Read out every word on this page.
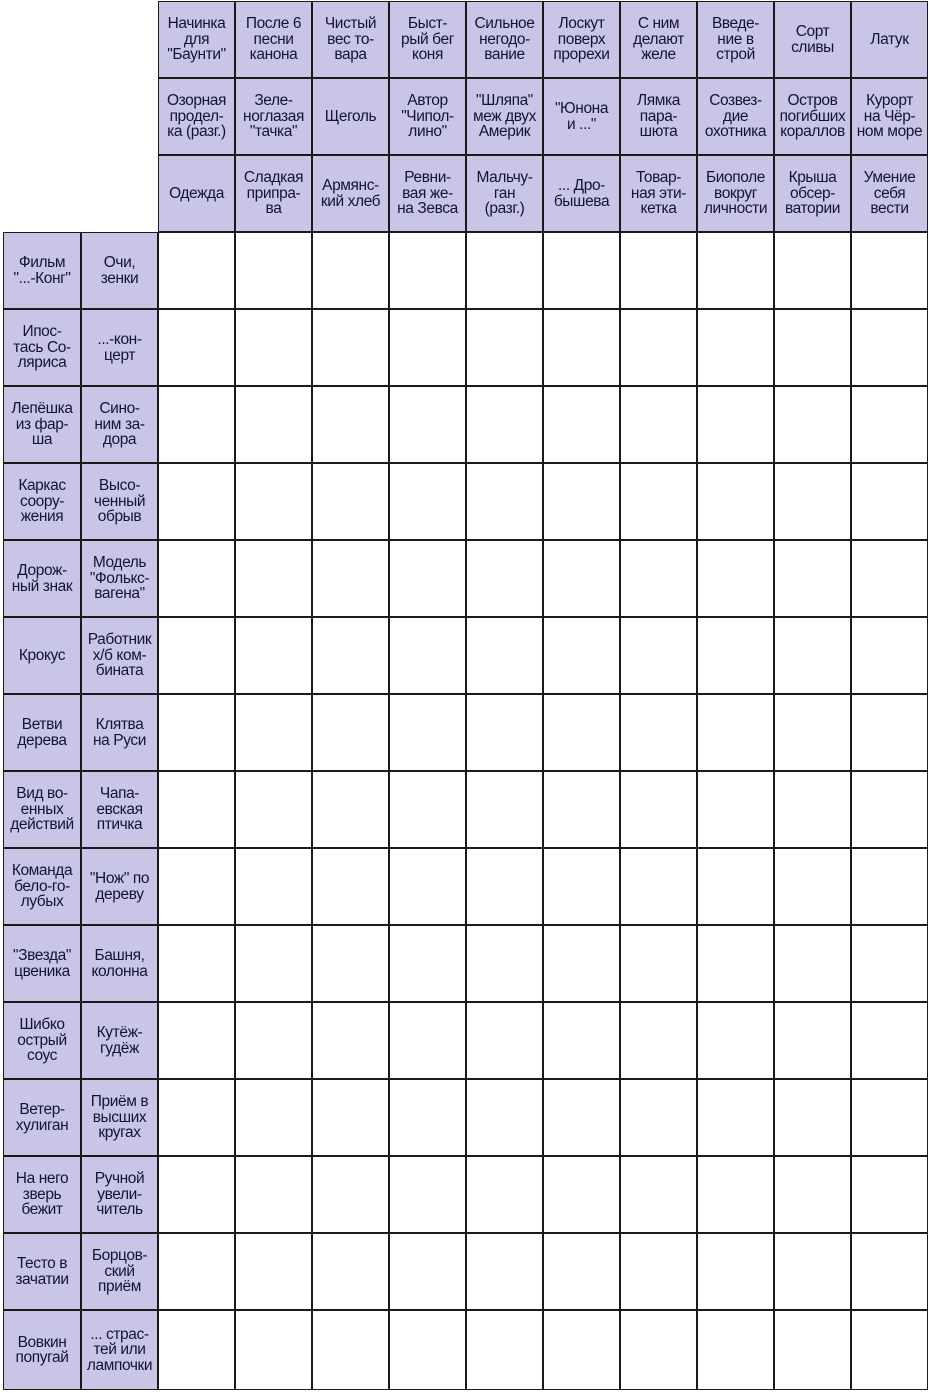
Начинка
для
"Баунти"
После 6
песни
канона
Чистый
вес то-
вара
Быст-
рый бег
коня
Сильное
негодо-
вание
Лоскут
поверх
прорехи
С ним
делают
желе
Введе-
ние в
строй
Сорт
сливы Латук
Озорная
продел-
ка (разг.)
Зеле-
ноглазая
"тачка"
Щеголь
Автор
"Чипол-
лино"
"Шляпа"
меж двух
Америк
"Юнона
и ..."
Лямка
пара-
шюта
Созвез-
дие
охотника
Остров
погибших
кораллов
Курорт
на Чёр-
ном море
Одежда
Сладкая
припра-
ва
Армянс-
кий хлеб
Ревни-
вая же-
на Зевса
Мальчу-
ган
(разг.)
... Дро-
бышева
Товар-
ная эти-
кетка
Биополе
вокруг
личности
Крыша
обсер-
ватории
Умение
себя
вести
Фильм
"...-Конг"
Очи,
зенки
Ипос-
тась Со-
ляриса
...-кон-
церт
Лепёшка
из фар-
ша
Сино-
ним за-
дора
Каркас
соору-
жения
Высо-
ченный
обрыв
Дорож-
ный знак
Модель
"Фолькс-
вагена"
Крокус
Работник
х/б ком-
бината
Ветви
дерева
Клятва
на Руси
Вид во-
енных
действий
Чапа-
евская
птичка
Команда
бело-го-
лубых
"Нож" по
дереву
"Звезда"
цвеника
Башня,
колонна
Шибко
острый
соус
Кутёж-
гудёж
Ветер-
хулиган
Приём в
высших
кругах
На него
зверь
бежит
Ручной
увели-
читель
Тесто в
зачатии
Борцов-
ский
приём
Вовкин
попугай
... страс-
тей или
лампочки
